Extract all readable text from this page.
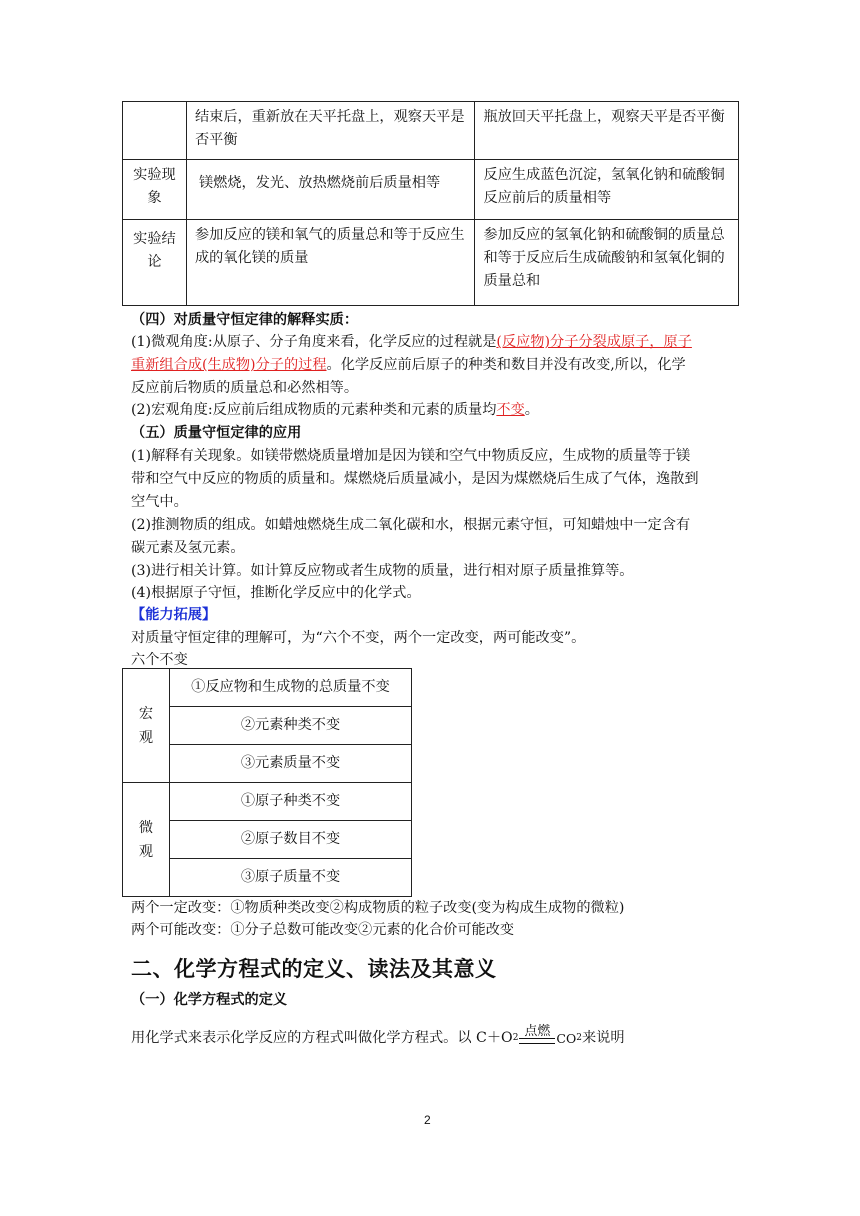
	结束后，重新放在天平托盘上，观察天平是否平衡	瓶放回天平托盘上，观察天平是否平衡
实验现象	镁燃烧，发光、放热燃烧前后质量相等	反应生成蓝色沉淀，氢氧化钠和硫酸铜反应前后的质量相等
实验结论	参加反应的镁和氧气的质量总和等于反应生成的氧化镁的质量	参加反应的氢氧化钠和硫酸铜的质量总和等于反应后生成硫酸钠和氢氧化铜的质量总和
（四）对质量守恒定律的解释实质：
(1)微观角度:从原子、分子角度来看，化学反应的过程就是(反应物)分子分裂成原子，原子
重新组合成(生成物)分子的过程。化学反应前后原子的种类和数目并没有改变,所以，化学
反应前后物质的质量总和必然相等。
(2)宏观角度:反应前后组成物质的元素种类和元素的质量均不变。
（五）质量守恒定律的应用
(1)解释有关现象。如镁带燃烧质量增加是因为镁和空气中物质反应，生成物的质量等于镁
带和空气中反应的物质的质量和。煤燃烧后质量减小，是因为煤燃烧后生成了气体，逸散到
空气中。
(2)推测物质的组成。如蜡烛燃烧生成二氧化碳和水，根据元素守恒，可知蜡烛中一定含有
碳元素及氢元素。
(3)进行相关计算。如计算反应物或者生成物的质量，进行相对原子质量推算等。
(4)根据原子守恒，推断化学反应中的化学式。
【能力拓展】
对质量守恒定律的理解可，为“六个不变，两个一定改变，两可能改变”。
六个不变
宏观	①反应物和生成物的总质量不变
	②元素种类不变
	③元素质量不变
微观	①原子种类不变
	②原子数目不变
	③原子质量不变
两个一定改变：①物质种类改变②构成物质的粒子改变(变为构成生成物的微粒)
两个可能改变：①分子总数可能改变②元素的化合价可能改变
二、化学方程式的定义、读法及其意义
（一）化学方程式的定义
用化学式来表示化学反应的方程式叫做化学方程式。以 C＋O 2 点燃 CO 2 来说明
2
